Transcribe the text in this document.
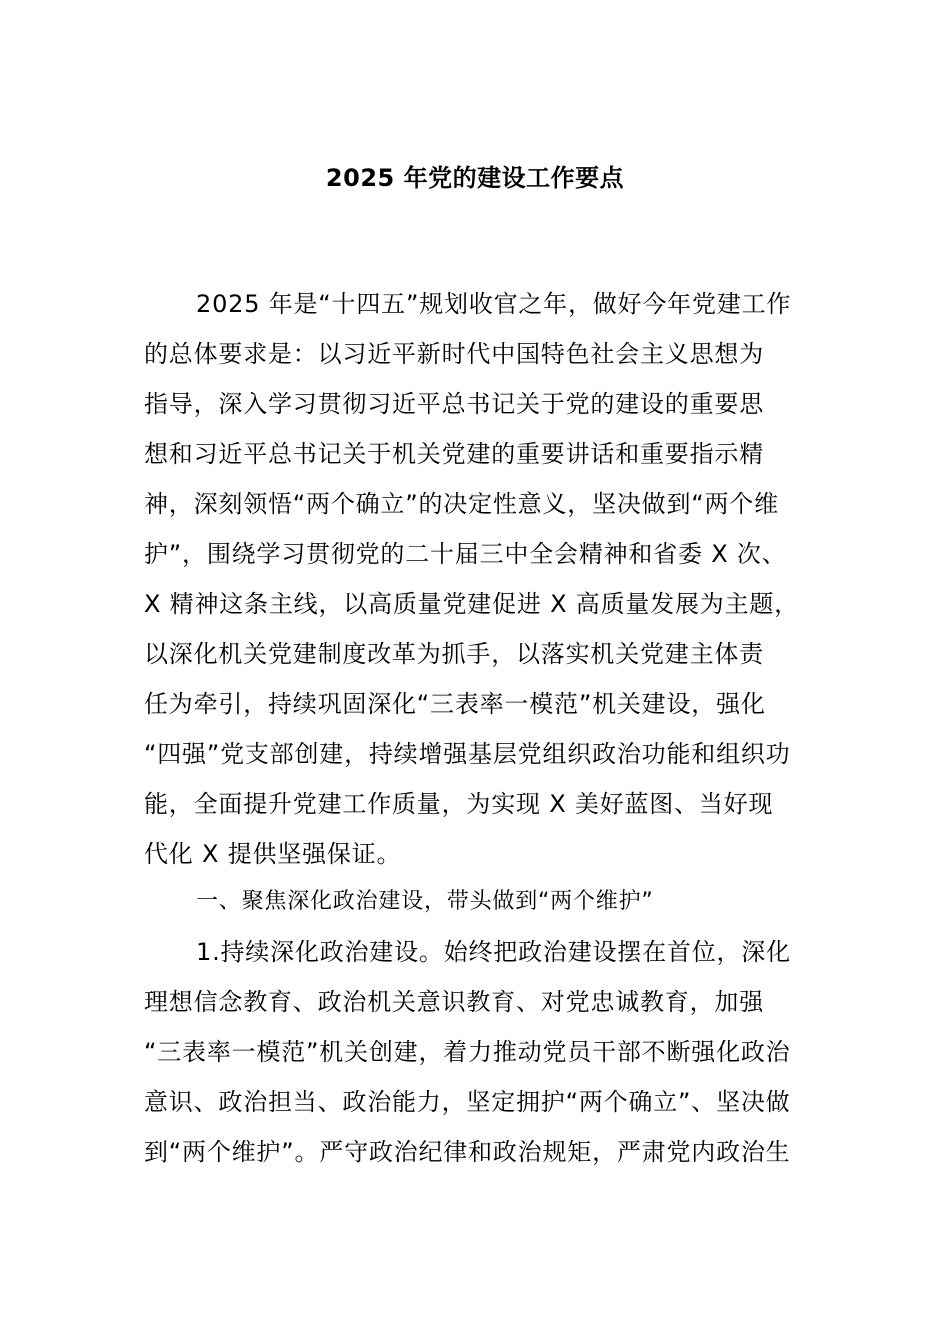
2025 年党的建设工作要点
2025 年是“十四五”规划收官之年，做好今年党建工作
的总体要求是：以习近平新时代中国特色社会主义思想为
指导，深入学习贯彻习近平总书记关于党的建设的重要思
想和习近平总书记关于机关党建的重要讲话和重要指示精
神，深刻领悟“两个确立”的决定性意义，坚决做到“两个维
护”，围绕学习贯彻党的二十届三中全会精神和省委 X 次、
X 精神这条主线，以高质量党建促进 X 高质量发展为主题，
以深化机关党建制度改革为抓手，以落实机关党建主体责
任为牵引，持续巩固深化“三表率一模范”机关建设，强化
“四强”党支部创建，持续增强基层党组织政治功能和组织功
能，全面提升党建工作质量，为实现 X 美好蓝图、当好现
代化 X 提供坚强保证。
一、聚焦深化政治建设，带头做到“两个维护”
1.持续深化政治建设。始终把政治建设摆在首位，深化
理想信念教育、政治机关意识教育、对党忠诚教育，加强
“三表率一模范”机关创建，着力推动党员干部不断强化政治
意识、政治担当、政治能力，坚定拥护“两个确立”、坚决做
到“两个维护”。严守政治纪律和政治规矩，严肃党内政治生
